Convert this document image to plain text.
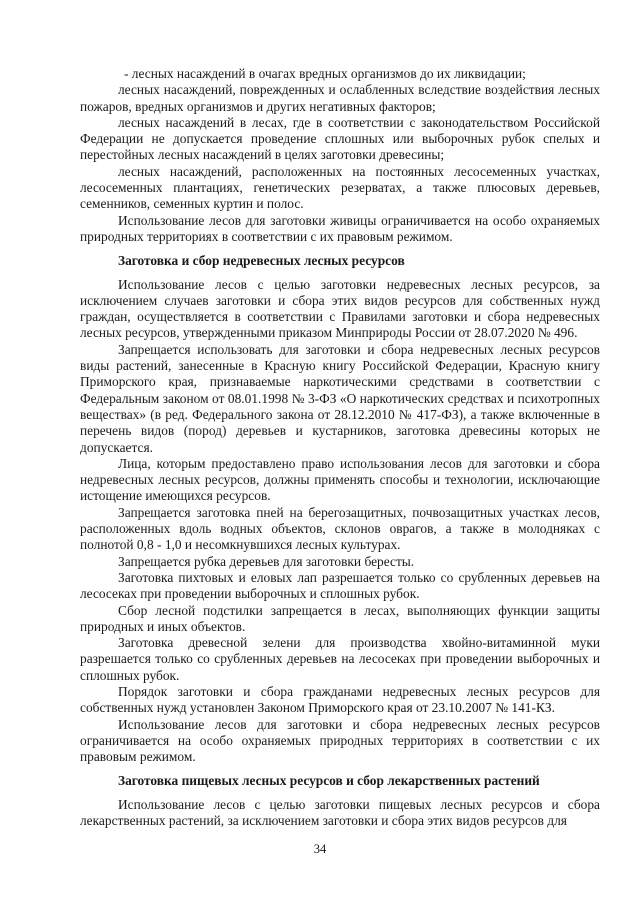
- лесных насаждений в очагах вредных организмов до их ликвидации;

лесных насаждений, поврежденных и ослабленных вследствие воздействия лесных пожаров, вредных организмов и других негативных факторов;

лесных насаждений в лесах, где в соответствии с законодательством Российской Федерации не допускается проведение сплошных или выборочных рубок спелых и перестойных лесных насаждений в целях заготовки древесины;

лесных насаждений, расположенных на постоянных лесосеменных участках, лесосеменных плантациях, генетических резерватах, а также плюсовых деревьев, семенников, семенных куртин и полос.

Использование лесов для заготовки живицы ограничивается на особо охраняемых природных территориях в соответствии с их правовым режимом.

Заготовка и сбор недревесных лесных ресурсов

Использование лесов с целью заготовки недревесных лесных ресурсов, за исключением случаев заготовки и сбора этих видов ресурсов для собственных нужд граждан, осуществляется в соответствии с Правилами заготовки и сбора недревесных лесных ресурсов, утвержденными приказом Минприроды России от 28.07.2020 № 496.

Запрещается использовать для заготовки и сбора недревесных лесных ресурсов виды растений, занесенные в Красную книгу Российской Федерации, Красную книгу Приморского края, признаваемые наркотическими средствами в соответствии с Федеральным законом от 08.01.1998 № 3-ФЗ «О наркотических средствах и психотропных веществах» (в ред. Федерального закона от 28.12.2010 № 417-ФЗ), а также включенные в перечень видов (пород) деревьев и кустарников, заготовка древесины которых не допускается.

Лица, которым предоставлено право использования лесов для заготовки и сбора недревесных лесных ресурсов, должны применять способы и технологии, исключающие истощение имеющихся ресурсов.

Запрещается заготовка пней на берегозащитных, почвозащитных участках лесов, расположенных вдоль водных объектов, склонов оврагов, а также в молодняках с полнотой 0,8 - 1,0 и несомкнувшихся лесных культурах.

Запрещается рубка деревьев для заготовки бересты.

Заготовка пихтовых и еловых лап разрешается только со срубленных деревьев на лесосеках при проведении выборочных и сплошных рубок.

Сбор лесной подстилки запрещается в лесах, выполняющих функции защиты природных и иных объектов.

Заготовка древесной зелени для производства хвойно-витаминной муки разрешается только со срубленных деревьев на лесосеках при проведении выборочных и сплошных рубок.

Порядок заготовки и сбора гражданами недревесных лесных ресурсов для собственных нужд установлен Законом Приморского края от 23.10.2007 № 141-КЗ.

Использование лесов для заготовки и сбора недревесных лесных ресурсов ограничивается на особо охраняемых природных территориях в соответствии с их правовым режимом.

Заготовка пищевых лесных ресурсов и сбор лекарственных растений

Использование лесов с целью заготовки пищевых лесных ресурсов и сбора лекарственных растений, за исключением заготовки и сбора этих видов ресурсов для

34
